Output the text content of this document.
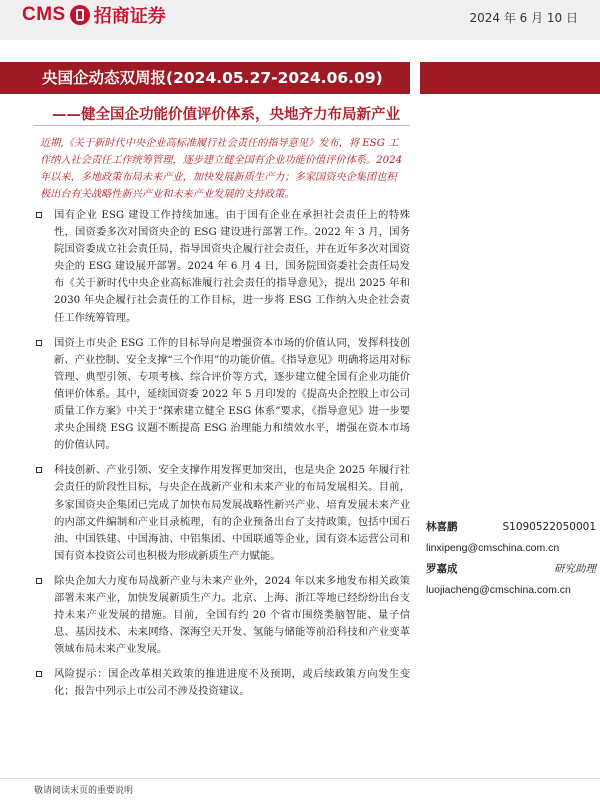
CMS 招商证券	2024 年 6 月 10 日
央国企动态双周报(2024.05.27-2024.06.09)
——健全国企功能价值评价体系，央地齐力布局新产业
近期,《关于新时代中央企业高标准履行社会责任的指导意见》发布，将 ESG 工作纳入社会责任工作统筹管理，逐步建立健全国有企业功能价值评价体系。2024 年以来，多地政策布局未来产业，加快发展新质生产力；多家国资央企集团也积极出台有关战略性新兴产业和未来产业发展的支持政策。
国有企业 ESG 建设工作持续加速。由于国有企业在承担社会责任上的特殊性，国资委多次对国资央企的 ESG 建设进行部署工作。2022 年 3 月，国务院国资委成立社会责任局，指导国资央企履行社会责任，并在近年多次对国资央企的 ESG 建设展开部署。2024 年 6 月 4 日，国务院国资委社会责任局发布《关于新时代中央企业高标准履行社会责任的指导意见》，提出 2025 年和 2030 年央企履行社会责任的工作目标，进一步将 ESG 工作纳入央企社会责任工作统筹管理。
国资上市央企 ESG 工作的目标导向是增强资本市场的价值认同，发挥科技创新、产业控制、安全支撑“三个作用”的功能价值。《指导意见》明确将运用对标管理、典型引领、专项考核、综合评价等方式，逐步建立健全国有企业功能价值评价体系。其中，延续国资委 2022 年 5 月印发的《提高央企控股上市公司质量工作方案》中关于“探索建立健全 ESG 体系”要求，《指导意见》进一步要求央企围绕 ESG 议题不断提高 ESG 治理能力和绩效水平，增强在资本市场的价值认同。
科技创新、产业引领、安全支撑作用发挥更加突出，也是央企 2025 年履行社会责任的阶段性目标，与央企在战新产业和未来产业的布局发展相关。目前，多家国资央企集团已完成了加快布局发展战略性新兴产业、培育发展未来产业的内部文件编制和产业目录梳理，有的企业预备出台了支持政策，包括中国石油、中国铁建、中国海油、中铝集团、中国联通等企业，国有资本运营公司和国有资本投资公司也积极为形成新质生产力赋能。
除央企加大力度布局战新产业与未来产业外，2024 年以来多地发布相关政策部署未来产业，加快发展新质生产力。北京、上海、浙江等地已经纷纷出台支持未来产业发展的措施。目前，全国有约 20 个省市围绕类脑智能、量子信息、基因技术、未来网络、深海空天开发、氢能与储能等前沿科技和产业变革领域布局未来产业发展。
风险提示：国企改革相关政策的推进进度不及预期，或后续政策方向发生变化；报告中列示上市公司不涉及投资建议。
林喜鹏	S1090522050001
linxipeng@cmschina.com.cn
罗嘉成	研究助理
luojiacheng@cmschina.com.cn
敬请阅读末页的重要说明
